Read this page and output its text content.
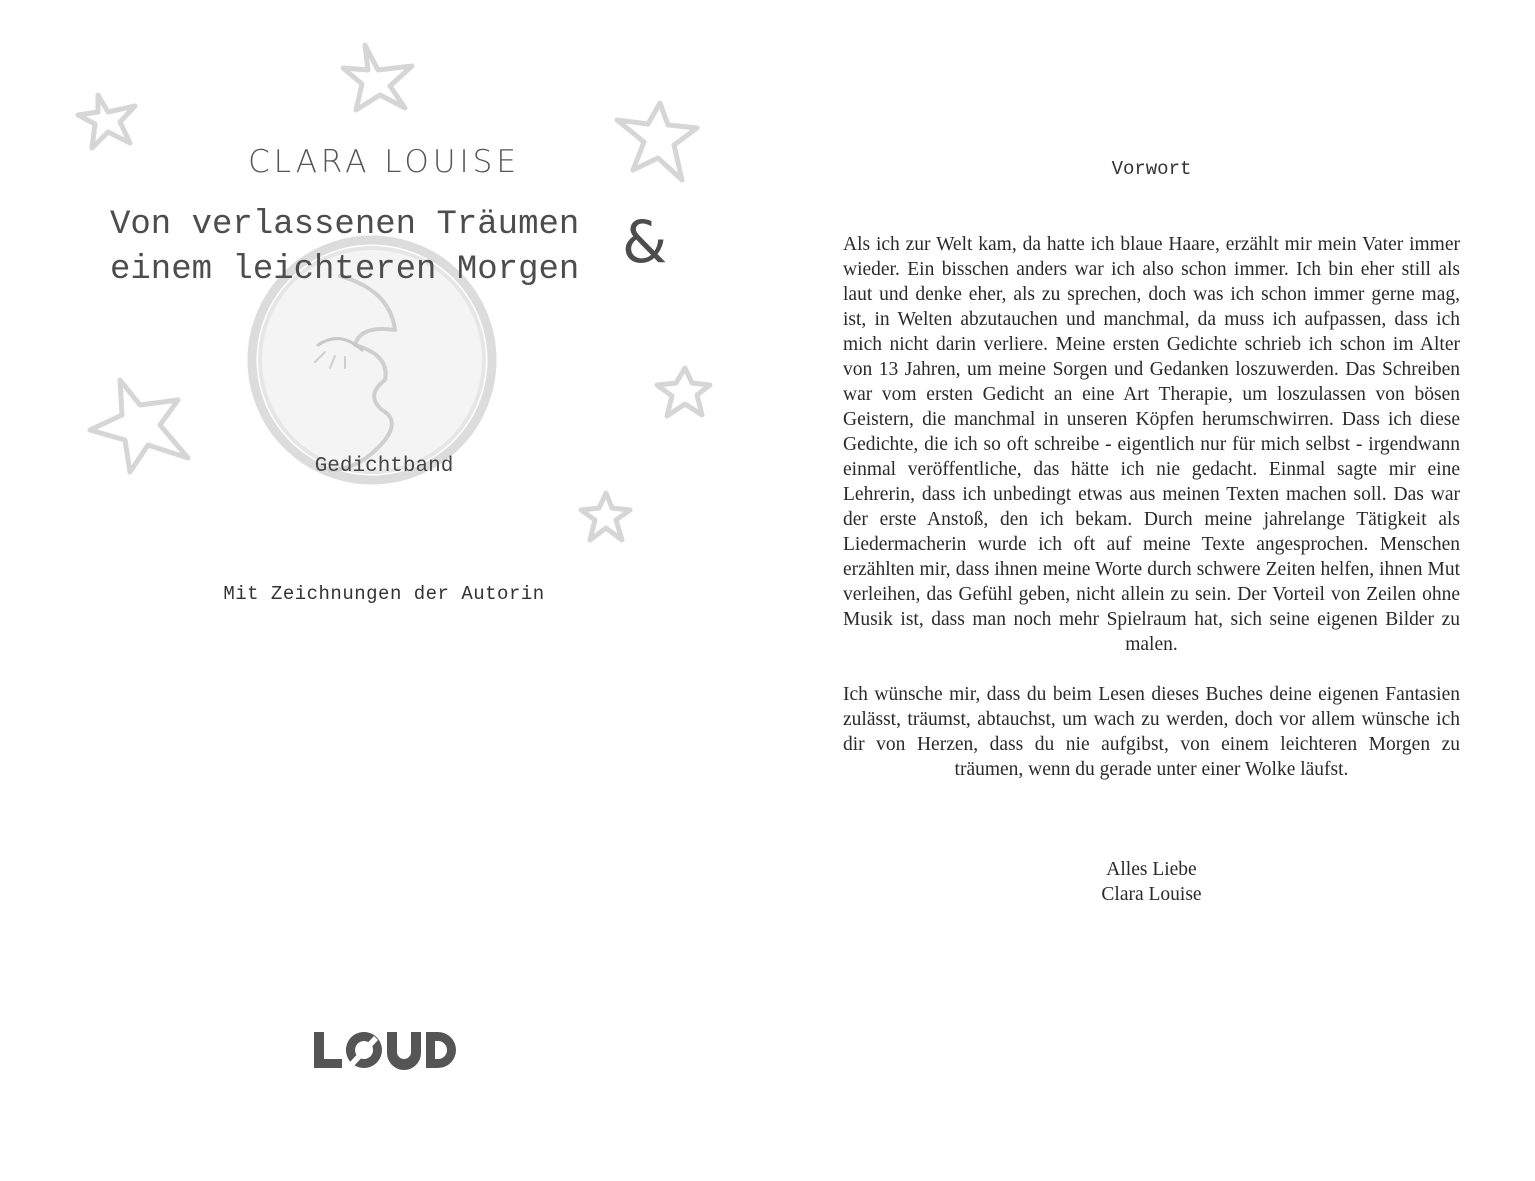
CLARA LOUISE
Von verlassenen Träumen
einem leichteren Morgen &
Gedichtband
Mit Zeichnungen der Autorin
Vorwort

Als ich zur Welt kam, da hatte ich blaue Haare, erzählt mir mein Vater immer wieder. Ein bisschen anders war ich also schon immer. Ich bin eher still als laut und denke eher, als zu sprechen, doch was ich schon immer gerne mag, ist, in Welten abzutauchen und manchmal, da muss ich aufpassen, dass ich mich nicht darin verliere. Meine ersten Gedichte schrieb ich schon im Alter von 13 Jahren, um meine Sorgen und Gedanken loszuwerden. Das Schreiben war vom ersten Gedicht an eine Art Therapie, um loszulassen von bösen Geistern, die manchmal in unseren Köpfen herumschwirren. Dass ich diese Gedichte, die ich so oft schreibe - eigentlich nur für mich selbst - irgendwann einmal veröffentliche, das hätte ich nie gedacht. Einmal sagte mir eine Lehrerin, dass ich unbedingt etwas aus meinen Texten machen soll. Das war der erste Anstoß, den ich bekam. Durch meine jahrelange Tätigkeit als Liedermacherin wurde ich oft auf meine Texte angesprochen. Menschen erzählten mir, dass ihnen meine Worte durch schwere Zeiten helfen, ihnen Mut verleihen, das Gefühl geben, nicht allein zu sein. Der Vorteil von Zeilen ohne Musik ist, dass man noch mehr Spielraum hat, sich seine eigenen Bilder zu malen.

Ich wünsche mir, dass du beim Lesen dieses Buches deine eigenen Fantasien zulässt, träumst, abtauchst, um wach zu werden, doch vor allem wünsche ich dir von Herzen, dass du nie aufgibst, von einem leichteren Morgen zu träumen, wenn du gerade unter einer Wolke läufst.

Alles Liebe
Clara Louise
